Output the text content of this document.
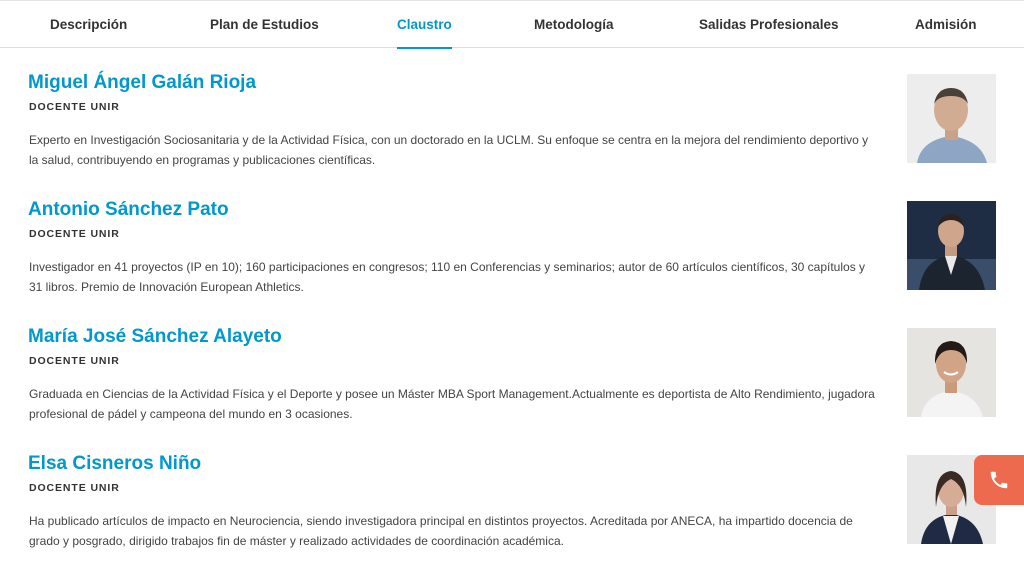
Descripción	Plan de Estudios	Claustro	Metodología	Salidas Profesionales	Admisión
Miguel Ángel Galán Rioja
DOCENTE UNIR
Experto en Investigación Sociosanitaria y de la Actividad Física, con un doctorado en la UCLM. Su enfoque se centra en la mejora del rendimiento deportivo y la salud, contribuyendo en programas y publicaciones científicas.
Antonio Sánchez Pato
DOCENTE UNIR
Investigador en 41 proyectos (IP en 10); 160 participaciones en congresos; 110 en Conferencias y seminarios; autor de 60 artículos científicos, 30 capítulos y 31 libros. Premio de Innovación European Athletics.
María José Sánchez Alayeto
DOCENTE UNIR
Graduada en Ciencias de la Actividad Física y el Deporte y posee un Máster MBA Sport Management.Actualmente es deportista de Alto Rendimiento, jugadora profesional de pádel y campeona del mundo en 3 ocasiones.
Elsa Cisneros Niño
DOCENTE UNIR
Ha publicado artículos de impacto en Neurociencia, siendo investigadora principal en distintos proyectos. Acreditada por ANECA, ha impartido docencia de grado y posgrado, dirigido trabajos fin de máster y realizado actividades de coordinación académica.
